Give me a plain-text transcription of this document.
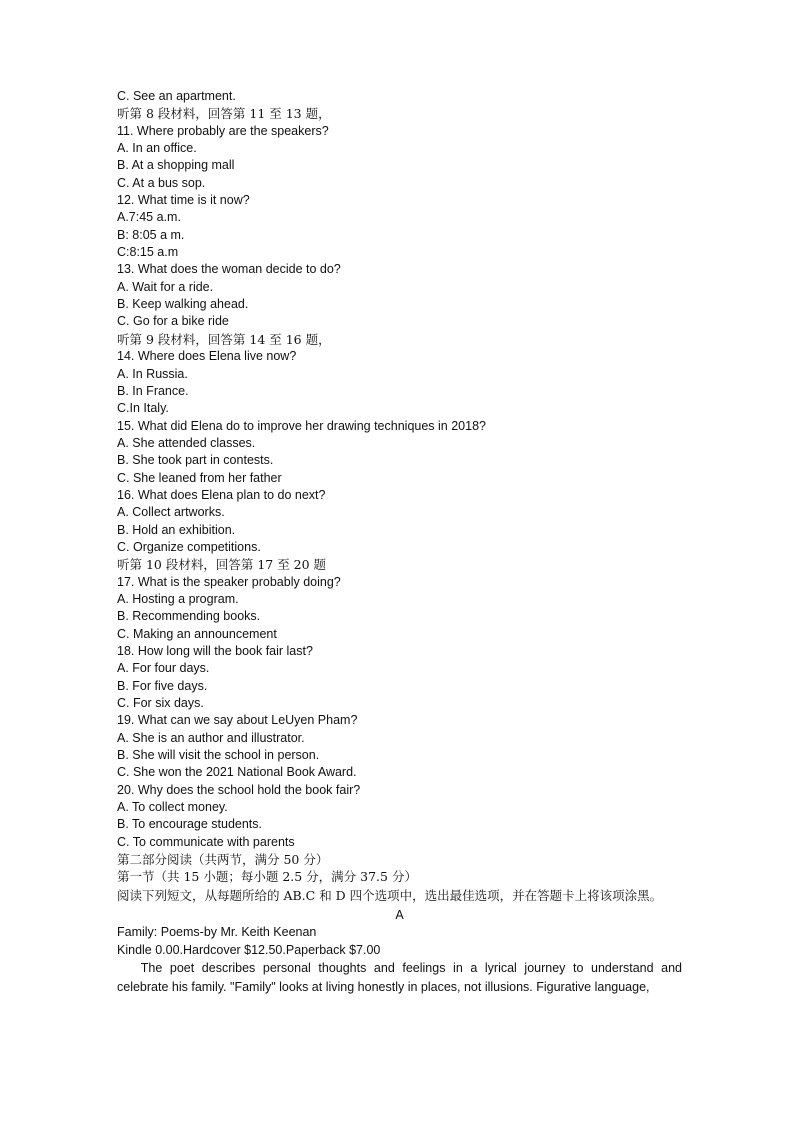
C. See an apartment.
听第 8 段材料，回答第 11 至 13 题，
11. Where probably are the speakers?
A. In an office.
B. At a shopping mall
C. At a bus sop.
12. What time is it now?
A.7:45 a.m.
B: 8:05 a m.
C:8:15 a.m
13. What does the woman decide to do?
A. Wait for a ride.
B. Keep walking ahead.
C. Go for a bike ride
听第 9 段材料，回答第 14 至 16 题，
14. Where does Elena live now?
A. In Russia.
B. In France.
C.In Italy.
15. What did Elena do to improve her drawing techniques in 2018?
A. She attended classes.
B. She took part in contests.
C. She leaned from her father
16. What does Elena plan to do next?
A. Collect artworks.
B. Hold an exhibition.
C. Organize competitions.
听第 10 段材料，回答第 17 至 20 题
17. What is the speaker probably doing?
A. Hosting a program.
B. Recommending books.
C. Making an announcement
18. How long will the book fair last?
A. For four days.
B. For five days.
C. For six days.
19. What can we say about LeUyen Pham?
A. She is an author and illustrator.
B. She will visit the school in person.
C. She won the 2021 National Book Award.
20. Why does the school hold the book fair?
A. To collect money.
B. To encourage students.
C. To communicate with parents
第二部分阅读（共两节，满分 50 分）
第一节（共 15 小题；每小题 2.5 分，满分 37.5 分）
阅读下列短文，从每题所给的 AB.C 和 D 四个选项中，选出最佳选项，并在答题卡上将该项涂黑。
A
Family: Poems-by Mr. Keith Keenan
Kindle 0.00.Hardcover $12.50.Paperback $7.00
The poet describes personal thoughts and feelings in a lyrical journey to understand and celebrate his family. "Family" looks at living honestly in places, not illusions. Figurative language,
